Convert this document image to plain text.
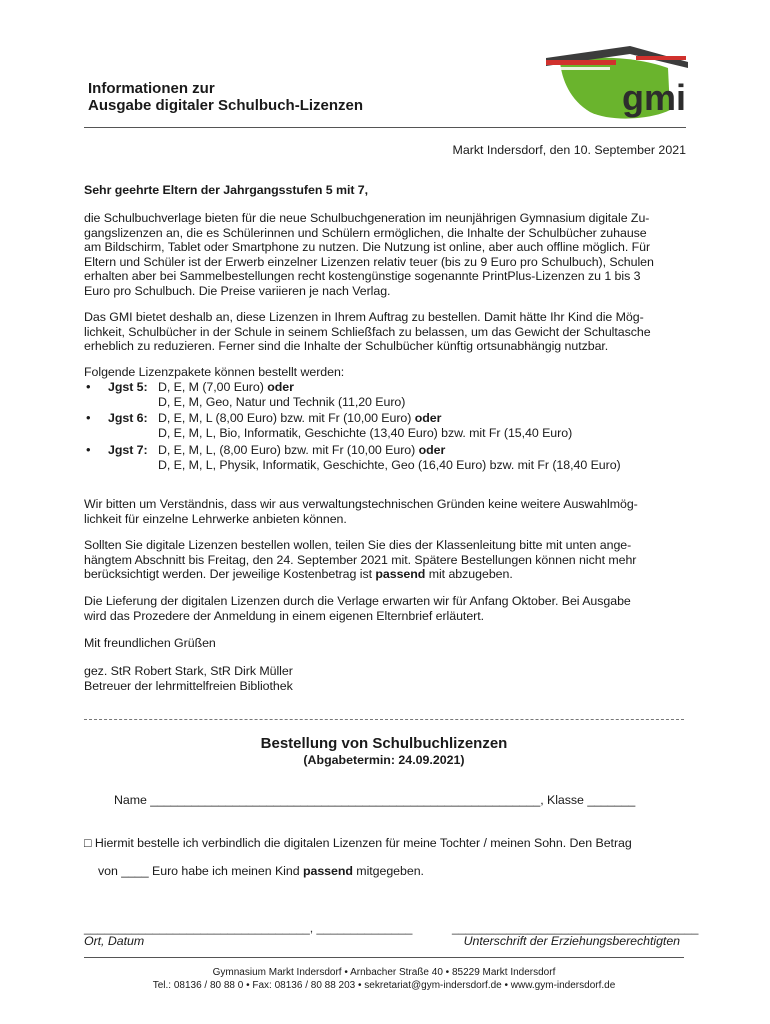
Informationen zur
Ausgabe digitaler Schulbuch-Lizenzen	gmi
Markt Indersdorf, den 10. September 2021
Sehr geehrte Eltern der Jahrgangsstufen 5 mit 7,

die Schulbuchverlage bieten für die neue Schulbuchgeneration im neunjährigen Gymnasium digitale Zu-

gangslizenzen an, die es Schülerinnen und Schülern ermöglichen, die Inhalte der Schulbücher zuhause

am Bildschirm, Tablet oder Smartphone zu nutzen. Die Nutzung ist online, aber auch offline möglich. Für

Eltern und Schüler ist der Erwerb einzelner Lizenzen relativ teuer (bis zu 9 Euro pro Schulbuch), Schulen

erhalten aber bei Sammelbestellungen recht kostengünstige sogenannte PrintPlus-Lizenzen zu 1 bis 3

Euro pro Schulbuch. Die Preise variieren je nach Verlag.

Das GMI bietet deshalb an, diese Lizenzen in Ihrem Auftrag zu bestellen. Damit hätte Ihr Kind die Mög-

lichkeit, Schulbücher in der Schule in seinem Schließfach zu belassen, um das Gewicht der Schultasche

erheblich zu reduzieren. Ferner sind die Inhalte der Schulbücher künftig ortsunabhängig nutzbar.

Folgende Lizenzpakete können bestellt werden:
• Jgst 5: D, E, M (7,00 Euro) oder
D, E, M, Geo, Natur und Technik (11,20 Euro)
• Jgst 6: D, E, M, L (8,00 Euro) bzw. mit Fr (10,00 Euro) oder
D, E, M, L, Bio, Informatik, Geschichte (13,40 Euro) bzw. mit Fr (15,40 Euro)
• Jgst 7: D, E, M, L, (8,00 Euro) bzw. mit Fr (10,00 Euro) oder
D, E, M, L, Physik, Informatik, Geschichte, Geo (16,40 Euro) bzw. mit Fr (18,40 Euro)

Wir bitten um Verständnis, dass wir aus verwaltungstechnischen Gründen keine weitere Auswahlmög-

lichkeit für einzelne Lehrwerke anbieten können.

Sollten Sie digitale Lizenzen bestellen wollen, teilen Sie dies der Klassenleitung bitte mit unten ange-

hängtem Abschnitt bis Freitag, den 24. September 2021 mit. Spätere Bestellungen können nicht mehr

berücksichtigt werden. Der jeweilige Kostenbetrag ist passend mit abzugeben.

Die Lieferung der digitalen Lizenzen durch die Verlage erwarten wir für Anfang Oktober. Bei Ausgabe

wird das Prozedere der Anmeldung in einem eigenen Elternbrief erläutert.

Mit freundlichen Grüßen

gez. StR Robert Stark, StR Dirk Müller

Betreuer der lehrmittelfreien Bibliothek

Bestellung von Schulbuchlizenzen
(Abgabetermin: 24.09.2021)
Name _________________________________________________________, Klasse _______
□ Hiermit bestelle ich verbindlich die digitalen Lizenzen für meine Tochter / meinen Sohn. Den Betrag
von ____ Euro habe ich meinen Kind passend mitgegeben.
_________________________________, ______________	____________________________________
Ort, Datum	Unterschrift der Erziehungsberechtigten
Gymnasium Markt Indersdorf • Arnbacher Straße 40 • 85229 Markt Indersdorf
Tel.: 08136 / 80 88 0 • Fax: 08136 / 80 88 203 • sekretariat@gym-indersdorf.de • www.gym-indersdorf.de
